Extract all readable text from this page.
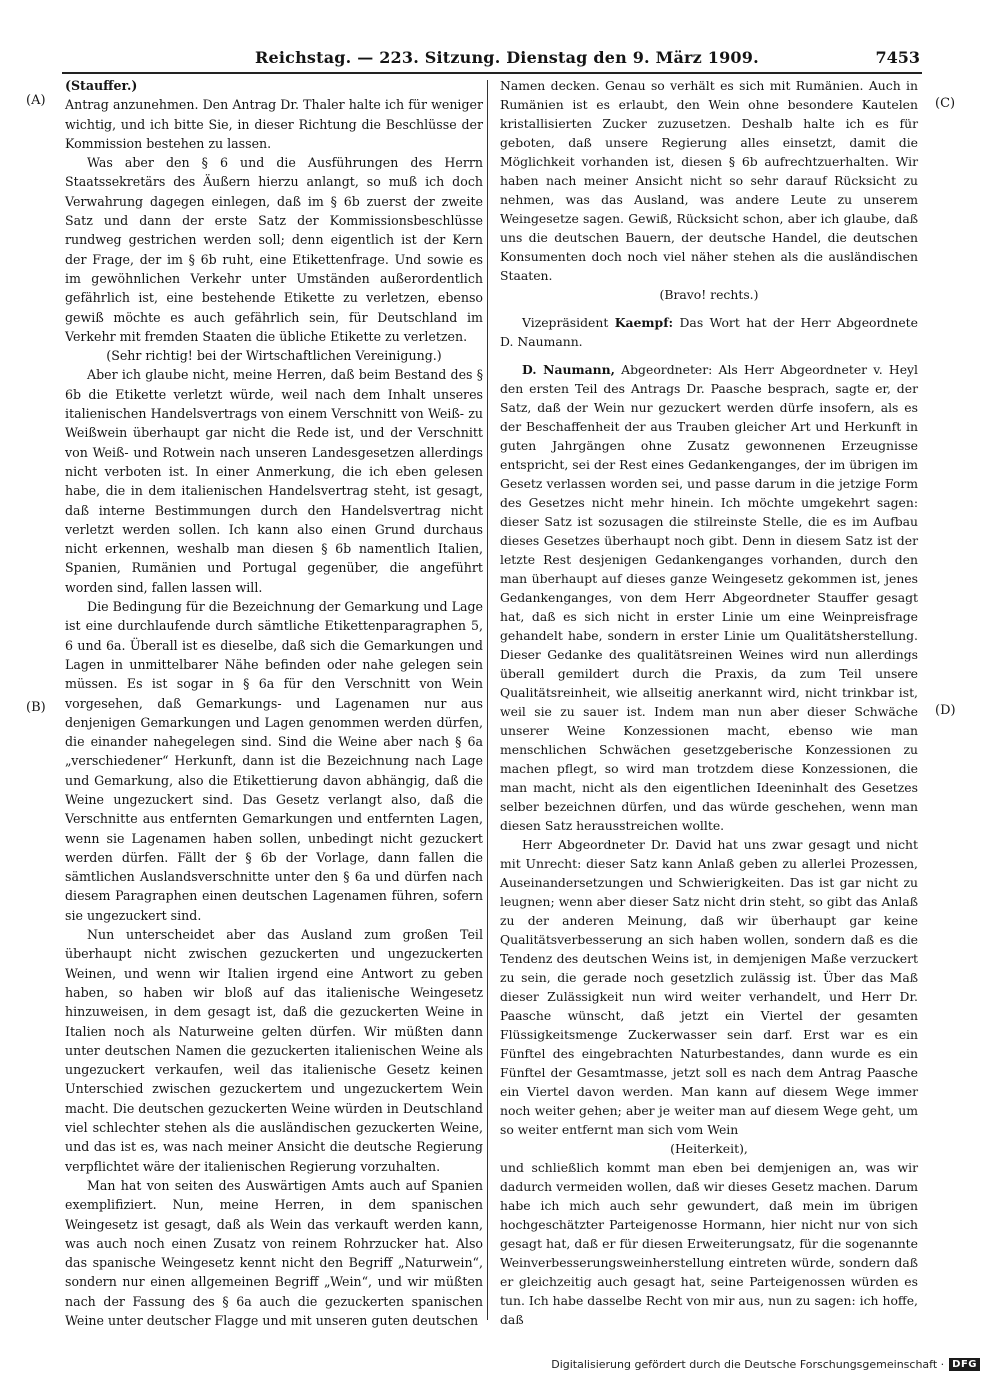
Reichstag. — 223. Sitzung. Dienstag den 9. März 1909.	7453
(A)
(B)
(C)
(D)

(Stauffer.)

Antrag anzunehmen. Den Antrag Dr. Thaler halte ich für weniger wichtig, und ich bitte Sie, in dieser Richtung die Beschlüsse der Kommission bestehen zu lassen.

Was aber den § 6 und die Ausführungen des Herrn Staatssekretärs des Äußern hierzu anlangt, so muß ich doch Verwahrung dagegen einlegen, daß im § 6b zuerst der zweite Satz und dann der erste Satz der Kommissionsbeschlüsse rundweg gestrichen werden soll; denn eigentlich ist der Kern der Frage, der im § 6b ruht, eine Etikettenfrage. Und sowie es im gewöhnlichen Verkehr unter Umständen außerordentlich gefährlich ist, eine bestehende Etikette zu verletzen, ebenso gewiß möchte es auch gefährlich sein, für Deutschland im Verkehr mit fremden Staaten die übliche Etikette zu verletzen.

(Sehr richtig! bei der Wirtschaftlichen Vereinigung.)

Aber ich glaube nicht, meine Herren, daß beim Bestand des § 6b die Etikette verletzt würde, weil nach dem Inhalt unseres italienischen Handelsvertrags von einem Verschnitt von Weiß- zu Weißwein überhaupt gar nicht die Rede ist, und der Verschnitt von Weiß- und Rotwein nach unseren Landesgesetzen allerdings nicht verboten ist. In einer Anmerkung, die ich eben gelesen habe, die in dem italienischen Handelsvertrag steht, ist gesagt, daß interne Bestimmungen durch den Handelsvertrag nicht verletzt werden sollen. Ich kann also einen Grund durchaus nicht erkennen, weshalb man diesen § 6b namentlich Italien, Spanien, Rumänien und Portugal gegenüber, die angeführt worden sind, fallen lassen will.

Die Bedingung für die Bezeichnung der Gemarkung und Lage ist eine durchlaufende durch sämtliche Etikettenparagraphen 5, 6 und 6a. Überall ist es dieselbe, daß sich die Gemarkungen und Lagen in unmittelbarer Nähe befinden oder nahe gelegen sein müssen. Es ist sogar in § 6a für den Verschnitt von Wein vorgesehen, daß Gemarkungs- und Lagenamen nur aus denjenigen Gemarkungen und Lagen genommen werden dürfen, die einander nahegelegen sind. Sind die Weine aber nach § 6a „verschiedener“ Herkunft, dann ist die Bezeichnung nach Lage und Gemarkung, also die Etikettierung davon abhängig, daß die Weine ungezuckert sind. Das Gesetz verlangt also, daß die Verschnitte aus entfernten Gemarkungen und entfernten Lagen, wenn sie Lagenamen haben sollen, unbedingt nicht gezuckert werden dürfen. Fällt der § 6b der Vorlage, dann fallen die sämtlichen Auslandsverschnitte unter den § 6a und dürfen nach diesem Paragraphen einen deutschen Lagenamen führen, sofern sie ungezuckert sind.

Nun unterscheidet aber das Ausland zum großen Teil überhaupt nicht zwischen gezuckerten und ungezuckerten Weinen, und wenn wir Italien irgend eine Antwort zu geben haben, so haben wir bloß auf das italienische Weingesetz hinzuweisen, in dem gesagt ist, daß die gezuckerten Weine in Italien noch als Naturweine gelten dürfen. Wir müßten dann unter deutschen Namen die gezuckerten italienischen Weine als ungezuckert verkaufen, weil das italienische Gesetz keinen Unterschied zwischen gezuckertem und ungezuckertem Wein macht. Die deutschen gezuckerten Weine würden in Deutschland viel schlechter stehen als die ausländischen gezuckerten Weine, und das ist es, was nach meiner Ansicht die deutsche Regierung verpflichtet wäre der italienischen Regierung vorzuhalten.

Man hat von seiten des Auswärtigen Amts auch auf Spanien exemplifiziert. Nun, meine Herren, in dem spanischen Weingesetz ist gesagt, daß als Wein das verkauft werden kann, was auch noch einen Zusatz von reinem Rohrzucker hat. Also das spanische Weingesetz kennt nicht den Begriff „Naturwein“, sondern nur einen allgemeinen Begriff „Wein“, und wir müßten nach der Fassung des § 6a auch die gezuckerten spanischen Weine unter deutscher Flagge und mit unseren guten deutschen

Namen decken. Genau so verhält es sich mit Rumänien. Auch in Rumänien ist es erlaubt, den Wein ohne besondere Kautelen kristallisierten Zucker zuzusetzen. Deshalb halte ich es für geboten, daß unsere Regierung alles einsetzt, damit die Möglichkeit vorhanden ist, diesen § 6b aufrechtzuerhalten. Wir haben nach meiner Ansicht nicht so sehr darauf Rücksicht zu nehmen, was das Ausland, was andere Leute zu unserem Weingesetze sagen. Gewiß, Rücksicht schon, aber ich glaube, daß uns die deutschen Bauern, der deutsche Handel, die deutschen Konsumenten doch noch viel näher stehen als die ausländischen Staaten.

(Bravo! rechts.)

Vizepräsident Kaempf: Das Wort hat der Herr Abgeordnete D. Naumann.

D. Naumann, Abgeordneter: Als Herr Abgeordneter v. Heyl den ersten Teil des Antrags Dr. Paasche besprach, sagte er, der Satz, daß der Wein nur gezuckert werden dürfe insofern, als es der Beschaffenheit der aus Trauben gleicher Art und Herkunft in guten Jahrgängen ohne Zusatz gewonnenen Erzeugnisse entspricht, sei der Rest eines Gedankenganges, der im übrigen im Gesetz verlassen worden sei, und passe darum in die jetzige Form des Gesetzes nicht mehr hinein. Ich möchte umgekehrt sagen: dieser Satz ist sozusagen die stilreinste Stelle, die es im Aufbau dieses Gesetzes überhaupt noch gibt. Denn in diesem Satz ist der letzte Rest desjenigen Gedankenganges vorhanden, durch den man überhaupt auf dieses ganze Weingesetz gekommen ist, jenes Gedankenganges, von dem Herr Abgeordneter Stauffer gesagt hat, daß es sich nicht in erster Linie um eine Weinpreisfrage gehandelt habe, sondern in erster Linie um Qualitätsherstellung. Dieser Gedanke des qualitätsreinen Weines wird nun allerdings überall gemildert durch die Praxis, da zum Teil unsere Qualitätsreinheit, wie allseitig anerkannt wird, nicht trinkbar ist, weil sie zu sauer ist. Indem man nun aber dieser Schwäche unserer Weine Konzessionen macht, ebenso wie man menschlichen Schwächen gesetzgeberische Konzessionen zu machen pflegt, so wird man trotzdem diese Konzessionen, die man macht, nicht als den eigentlichen Ideeninhalt des Gesetzes selber bezeichnen dürfen, und das würde geschehen, wenn man diesen Satz herausstreichen wollte.

Herr Abgeordneter Dr. David hat uns zwar gesagt und nicht mit Unrecht: dieser Satz kann Anlaß geben zu allerlei Prozessen, Auseinandersetzungen und Schwierigkeiten. Das ist gar nicht zu leugnen; wenn aber dieser Satz nicht drin steht, so gibt das Anlaß zu der anderen Meinung, daß wir überhaupt gar keine Qualitätsverbesserung an sich haben wollen, sondern daß es die Tendenz des deutschen Weins ist, in demjenigen Maße verzuckert zu sein, die gerade noch gesetzlich zulässig ist. Über das Maß dieser Zulässigkeit nun wird weiter verhandelt, und Herr Dr. Paasche wünscht, daß jetzt ein Viertel der gesamten Flüssigkeitsmenge Zuckerwasser sein darf. Erst war es ein Fünftel des eingebrachten Naturbestandes, dann wurde es ein Fünftel der Gesamtmasse, jetzt soll es nach dem Antrag Paasche ein Viertel davon werden. Man kann auf diesem Wege immer noch weiter gehen; aber je weiter man auf diesem Wege geht, um so weiter entfernt man sich vom Wein

(Heiterkeit),

und schließlich kommt man eben bei demjenigen an, was wir dadurch vermeiden wollen, daß wir dieses Gesetz machen. Darum habe ich mich auch sehr gewundert, daß mein im übrigen hochgeschätzter Parteigenosse Hormann, hier nicht nur von sich gesagt hat, daß er für diesen Erweiterungsatz, für die sogenannte Weinverbesserungsweinherstellung eintreten würde, sondern daß er gleichzeitig auch gesagt hat, seine Parteigenossen würden es tun. Ich habe dasselbe Recht von mir aus, nun zu sagen: ich hoffe, daß

Digitalisierung gefördert durch die Deutsche Forschungsgemeinschaft · DFG
